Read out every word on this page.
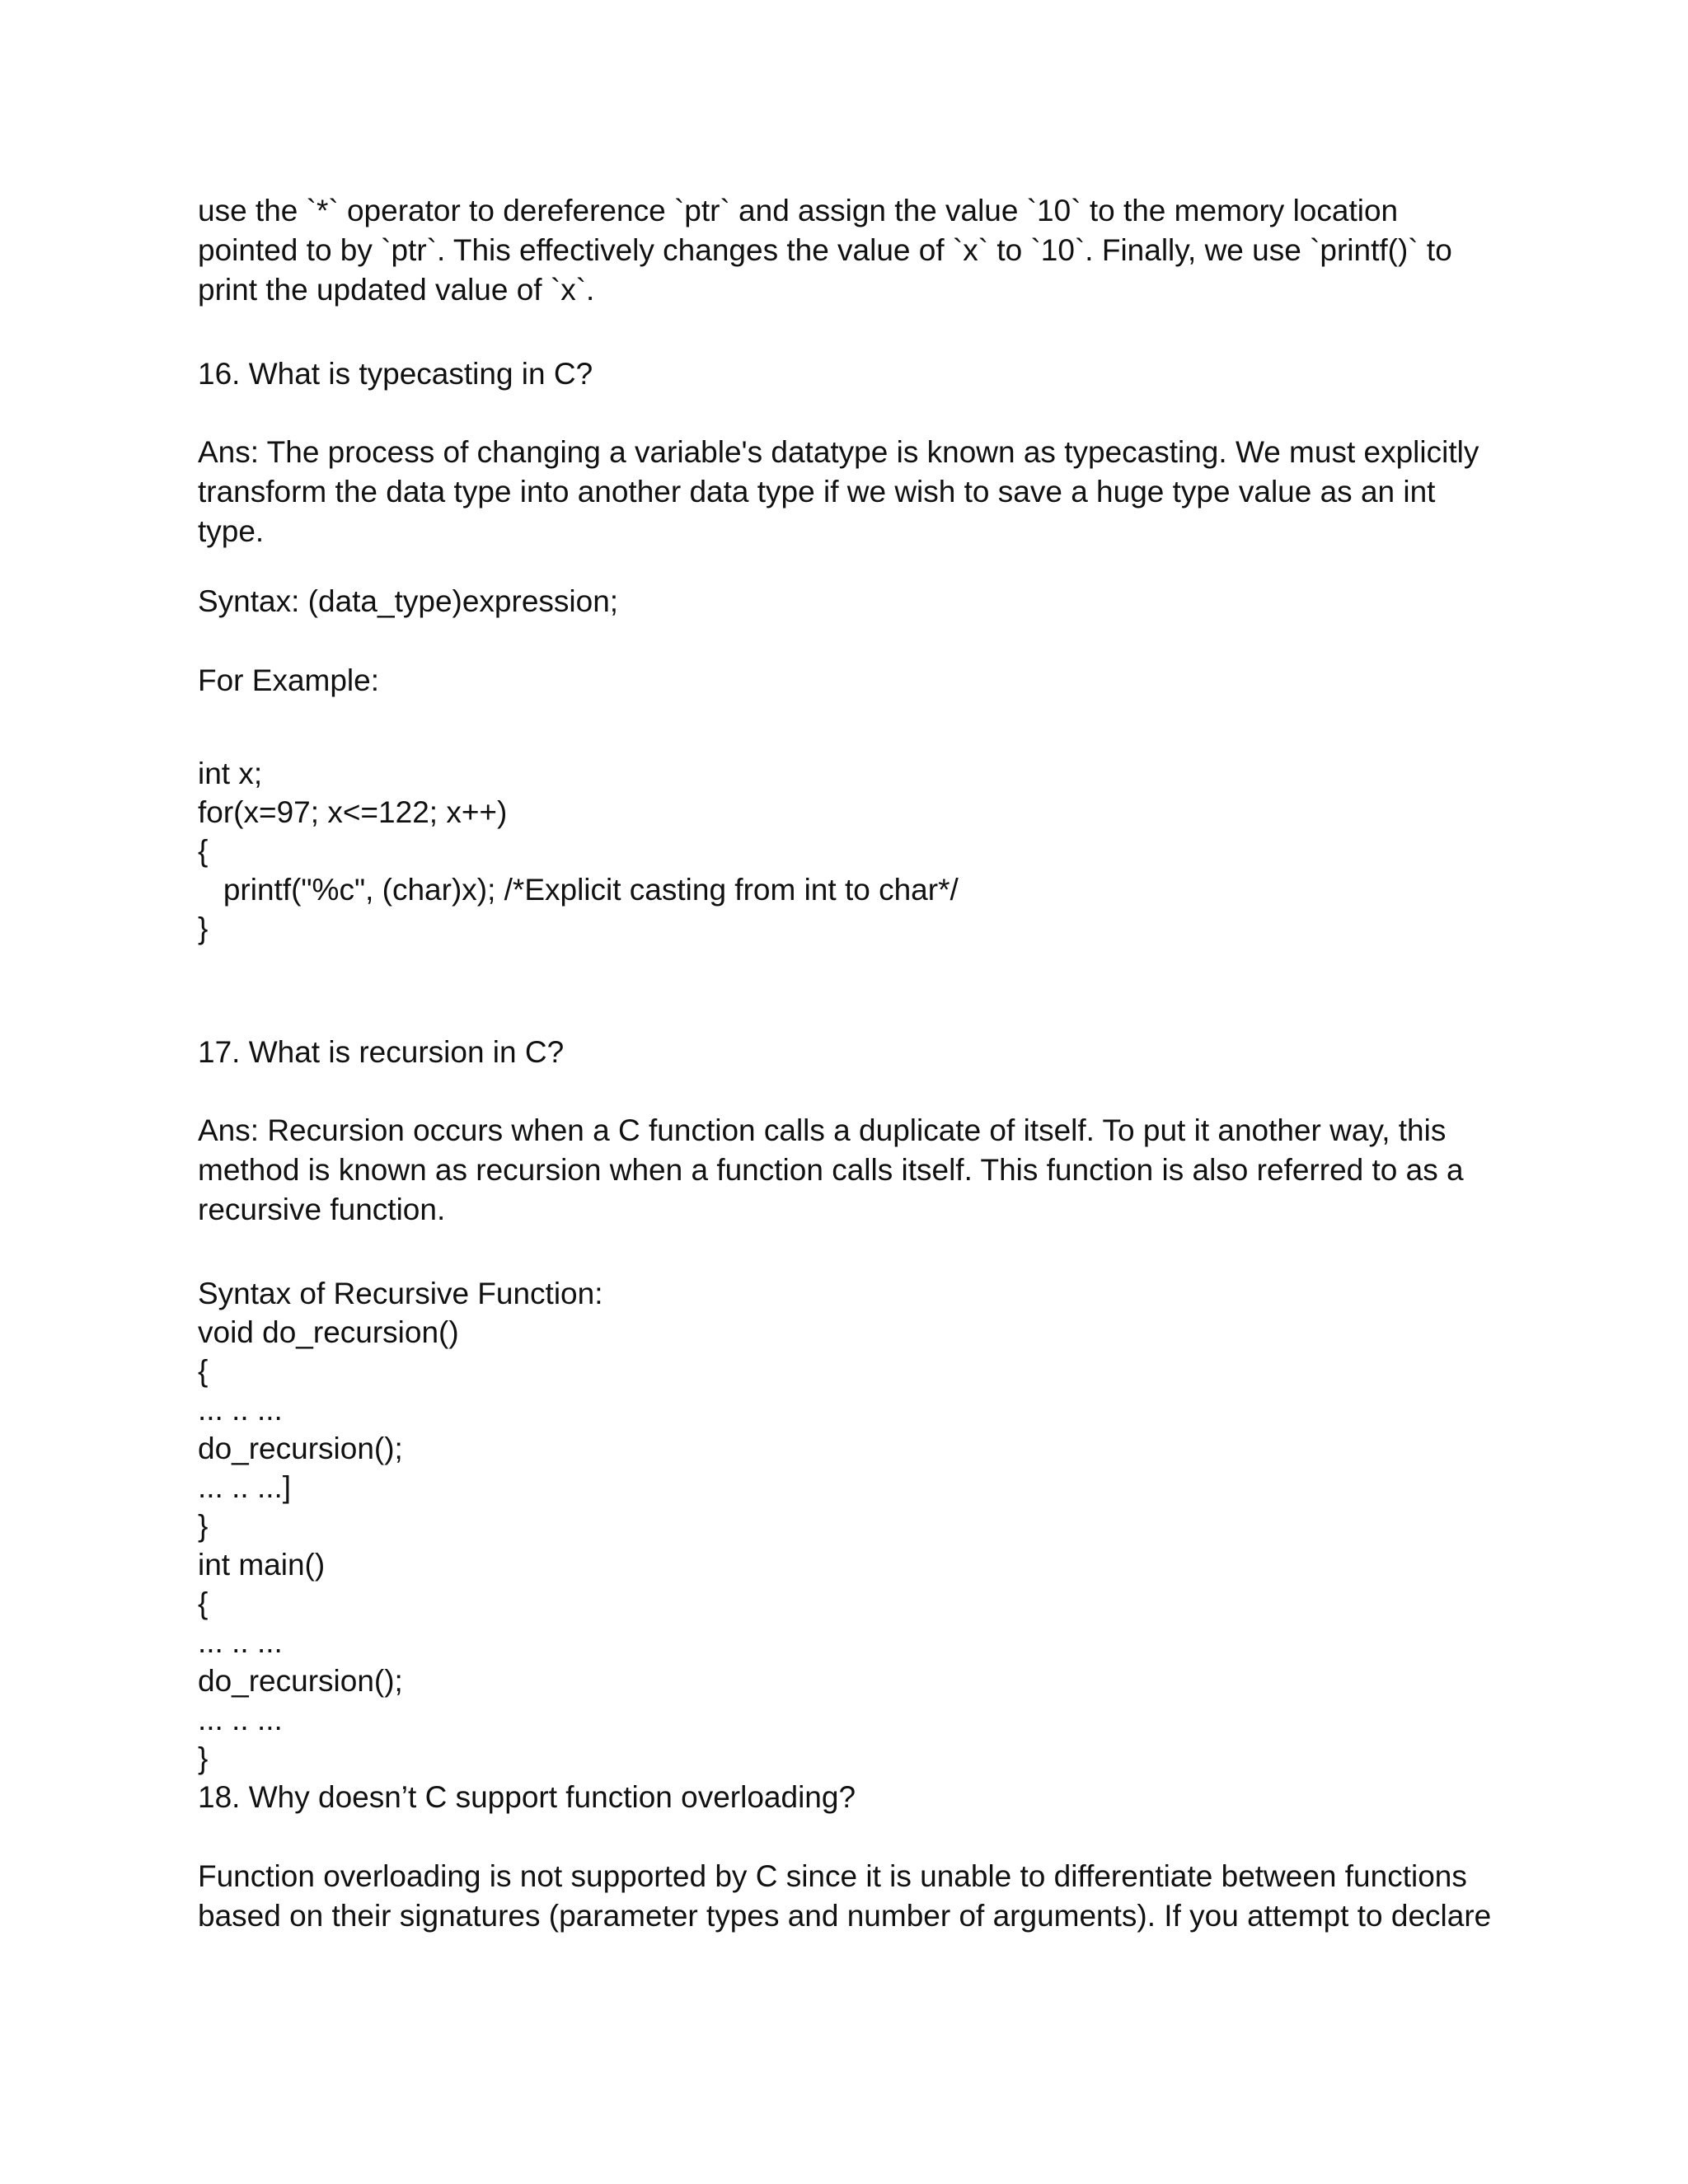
use the `*` operator to dereference `ptr` and assign the value `10` to the memory location
pointed to by `ptr`. This effectively changes the value of `x` to `10`. Finally, we use `printf()` to
print the updated value of `x`.
16. What is typecasting in C?
Ans: The process of changing a variable's datatype is known as typecasting. We must explicitly
transform the data type into another data type if we wish to save a huge type value as an int
type.
Syntax: (data_type)expression;
For Example:
int x;
for(x=97; x<=122; x++)
{
printf("%c", (char)x); /*Explicit casting from int to char*/
}
17. What is recursion in C?
Ans: Recursion occurs when a C function calls a duplicate of itself. To put it another way, this
method is known as recursion when a function calls itself. This function is also referred to as a
recursive function.
Syntax of Recursive Function:
void do_recursion()
{
... .. ...
do_recursion();
... .. ...]
}
int main()
{
... .. ...
do_recursion();
... .. ...
}
18. Why doesn’t C support function overloading?
Function overloading is not supported by C since it is unable to differentiate between functions
based on their signatures (parameter types and number of arguments). If you attempt to declare
